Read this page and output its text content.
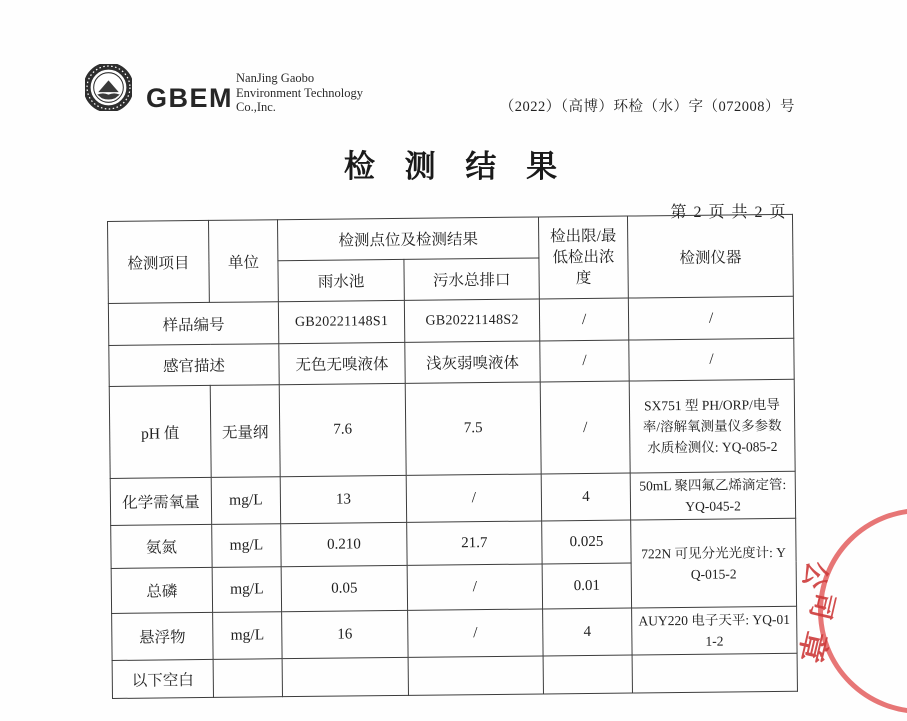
GBEM
NanJing Gaobo
Environment Technology
Co.,Inc.	（2022）（高博）环检（水）字（072008）号
检 测 结 果
第 2 页 共 2 页
检测项目	单位	检测点位及检测结果		检出限/最低检出浓度	检测仪器
		雨水池	污水总排口		
样品编号		GB20221148S1	GB20221148S2	/	/
感官描述		无色无嗅液体	浅灰弱嗅液体	/	/
pH 值	无量纲	7.6	7.5	/	SX751 型 PH/ORP/电导率/溶解氧测量仪多参数水质检测仪: YQ-085-2
化学需氧量	mg/L	13	/	4	50mL 聚四氟乙烯滴定管: YQ-045-2
氨氮	mg/L	0.210	21.7	0.025	722N 可见分光光度计: YQ-015-2
总磷	mg/L	0.05	/	0.01	
悬浮物	mg/L	16	/	4	AUY220 电子天平: YQ-011-2
以下空白					
公
司
章
